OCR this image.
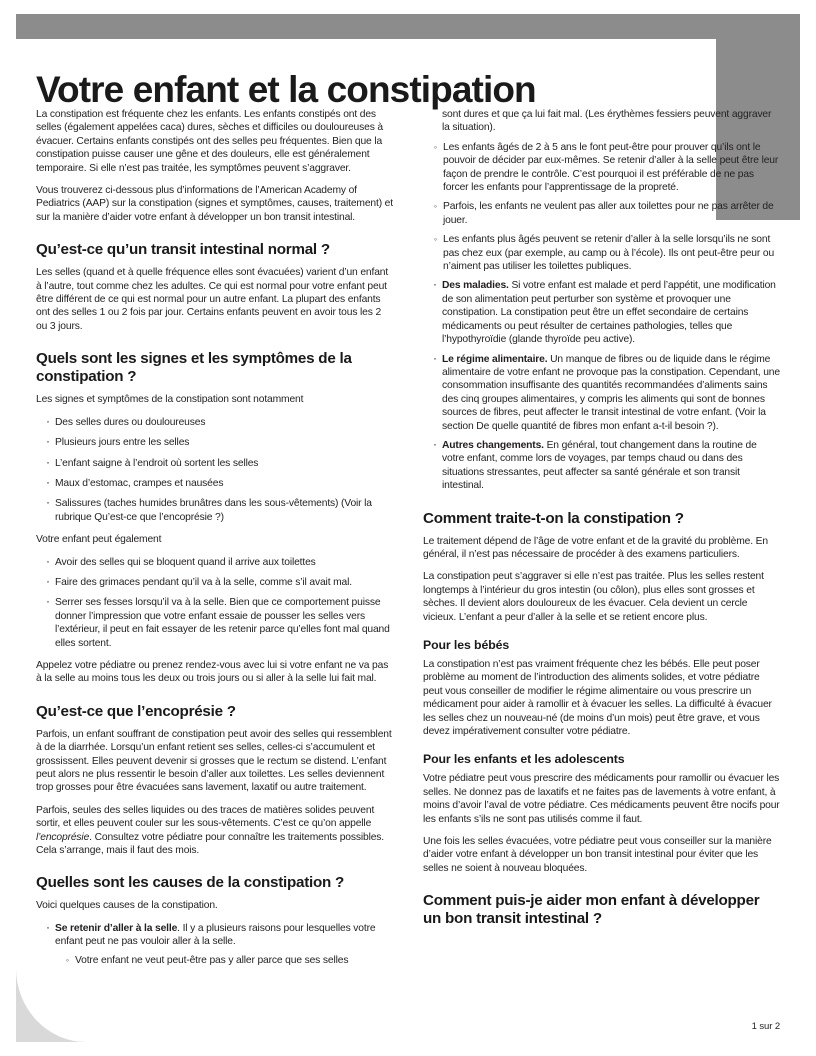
Votre enfant et la constipation

La constipation est fréquente chez les enfants. Les enfants constipés ont des selles (également appelées caca) dures, sèches et difficiles ou douloureuses à évacuer. Certains enfants constipés ont des selles peu fréquentes. Bien que la constipation puisse causer une gêne et des douleurs, elle est généralement temporaire. Si elle n’est pas traitée, les symptômes peuvent s’aggraver.

Vous trouverez ci-dessous plus d’informations de l’American Academy of Pediatrics (AAP) sur la constipation (signes et symptômes, causes, traitement) et sur la manière d’aider votre enfant à développer un bon transit intestinal.

Qu’est-ce qu’un transit intestinal normal ?

Les selles (quand et à quelle fréquence elles sont évacuées) varient d’un enfant à l’autre, tout comme chez les adultes. Ce qui est normal pour votre enfant peut être différent de ce qui est normal pour un autre enfant. La plupart des enfants ont des selles 1 ou 2 fois par jour. Certains enfants peuvent en avoir tous les 2 ou 3 jours.

Quels sont les signes et les symptômes de la constipation ?

Les signes et symptômes de la constipation sont notamment

· Des selles dures ou douloureuses
· Plusieurs jours entre les selles
· L’enfant saigne à l’endroit où sortent les selles
· Maux d’estomac, crampes et nausées
· Salissures (taches humides brunâtres dans les sous-vêtements) (Voir la rubrique Qu’est-ce que l’encoprésie ?)

Votre enfant peut également

· Avoir des selles qui se bloquent quand il arrive aux toilettes
· Faire des grimaces pendant qu’il va à la selle, comme s’il avait mal.
· Serrer ses fesses lorsqu’il va à la selle. Bien que ce comportement puisse donner l’impression que votre enfant essaie de pousser les selles vers l’extérieur, il peut en fait essayer de les retenir parce qu’elles font mal quand elles sortent.

Appelez votre pédiatre ou prenez rendez-vous avec lui si votre enfant ne va pas à la selle au moins tous les deux ou trois jours ou si aller à la selle lui fait mal.

Qu’est-ce que l’encoprésie ?

Parfois, un enfant souffrant de constipation peut avoir des selles qui ressemblent à de la diarrhée. Lorsqu’un enfant retient ses selles, celles-ci s’accumulent et grossissent. Elles peuvent devenir si grosses que le rectum se distend. L’enfant peut alors ne plus ressentir le besoin d’aller aux toilettes. Les selles deviennent trop grosses pour être évacuées sans lavement, laxatif ou autre traitement.

Parfois, seules des selles liquides ou des traces de matières solides peuvent sortir, et elles peuvent couler sur les sous-vêtements. C’est ce qu’on appelle l’encoprésie. Consultez votre pédiatre pour connaître les traitements possibles. Cela s’arrange, mais il faut des mois.

Quelles sont les causes de la constipation ?

Voici quelques causes de la constipation.

· Se retenir d’aller à la selle. Il y a plusieurs raisons pour lesquelles votre enfant peut ne pas vouloir aller à la selle.
◦ Votre enfant ne veut peut-être pas y aller parce que ses selles

sont dures et que ça lui fait mal. (Les érythèmes fessiers peuvent aggraver la situation).

◦ Les enfants âgés de 2 à 5 ans le font peut-être pour prouver qu’ils ont le pouvoir de décider par eux-mêmes. Se retenir d’aller à la selle peut être leur façon de prendre le contrôle. C’est pourquoi il est préférable de ne pas forcer les enfants pour l’apprentissage de la propreté.
◦ Parfois, les enfants ne veulent pas aller aux toilettes pour ne pas arrêter de jouer.
◦ Les enfants plus âgés peuvent se retenir d’aller à la selle lorsqu’ils ne sont pas chez eux (par exemple, au camp ou à l’école). Ils ont peut-être peur ou n’aiment pas utiliser les toilettes publiques.
· Des maladies. Si votre enfant est malade et perd l’appétit, une modification de son alimentation peut perturber son système et provoquer une constipation. La constipation peut être un effet secondaire de certains médicaments ou peut résulter de certaines pathologies, telles que l’hypothyroïdie (glande thyroïde peu active).
· Le régime alimentaire. Un manque de fibres ou de liquide dans le régime alimentaire de votre enfant ne provoque pas la constipation. Cependant, une consommation insuffisante des quantités recommandées d’aliments sains des cinq groupes alimentaires, y compris les aliments qui sont de bonnes sources de fibres, peut affecter le transit intestinal de votre enfant. (Voir la section De quelle quantité de fibres mon enfant a-t-il besoin ?).
· Autres changements. En général, tout changement dans la routine de votre enfant, comme lors de voyages, par temps chaud ou dans des situations stressantes, peut affecter sa santé générale et son transit intestinal.
Comment traite-t-on la constipation ?

Le traitement dépend de l’âge de votre enfant et de la gravité du problème. En général, il n’est pas nécessaire de procéder à des examens particuliers.

La constipation peut s’aggraver si elle n’est pas traitée. Plus les selles restent longtemps à l’intérieur du gros intestin (ou côlon), plus elles sont grosses et sèches. Il devient alors douloureux de les évacuer. Cela devient un cercle vicieux. L’enfant a peur d’aller à la selle et se retient encore plus.

Pour les bébés

La constipation n’est pas vraiment fréquente chez les bébés. Elle peut poser problème au moment de l’introduction des aliments solides, et votre pédiatre peut vous conseiller de modifier le régime alimentaire ou vous prescrire un médicament pour aider à ramollir et à évacuer les selles. La difficulté à évacuer les selles chez un nouveau-né (de moins d’un mois) peut être grave, et vous devez impérativement consulter votre pédiatre.

Pour les enfants et les adolescents

Votre pédiatre peut vous prescrire des médicaments pour ramollir ou évacuer les selles. Ne donnez pas de laxatifs et ne faites pas de lavements à votre enfant, à moins d’avoir l’aval de votre pédiatre. Ces médicaments peuvent être nocifs pour les enfants s’ils ne sont pas utilisés comme il faut.

Une fois les selles évacuées, votre pédiatre peut vous conseiller sur la manière d’aider votre enfant à développer un bon transit intestinal pour éviter que les selles ne soient à nouveau bloquées.

Comment puis-je aider mon enfant à développer un bon transit intestinal ?
1 sur 2
